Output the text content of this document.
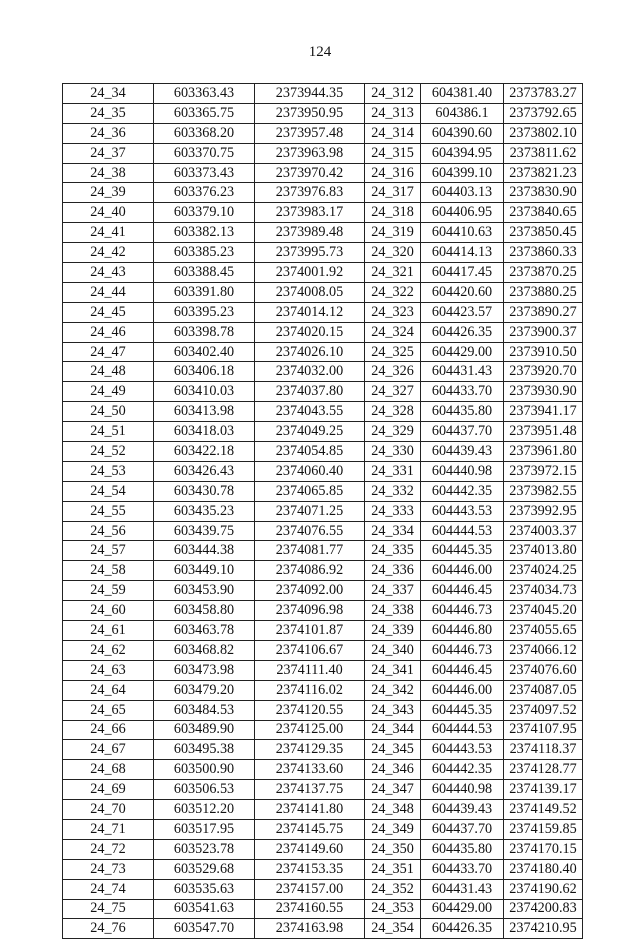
124
24_34	603363.43	2373944.35	24_312	604381.40	2373783.27
24_35	603365.75	2373950.95	24_313	604386.1	2373792.65
24_36	603368.20	2373957.48	24_314	604390.60	2373802.10
24_37	603370.75	2373963.98	24_315	604394.95	2373811.62
24_38	603373.43	2373970.42	24_316	604399.10	2373821.23
24_39	603376.23	2373976.83	24_317	604403.13	2373830.90
24_40	603379.10	2373983.17	24_318	604406.95	2373840.65
24_41	603382.13	2373989.48	24_319	604410.63	2373850.45
24_42	603385.23	2373995.73	24_320	604414.13	2373860.33
24_43	603388.45	2374001.92	24_321	604417.45	2373870.25
24_44	603391.80	2374008.05	24_322	604420.60	2373880.25
24_45	603395.23	2374014.12	24_323	604423.57	2373890.27
24_46	603398.78	2374020.15	24_324	604426.35	2373900.37
24_47	603402.40	2374026.10	24_325	604429.00	2373910.50
24_48	603406.18	2374032.00	24_326	604431.43	2373920.70
24_49	603410.03	2374037.80	24_327	604433.70	2373930.90
24_50	603413.98	2374043.55	24_328	604435.80	2373941.17
24_51	603418.03	2374049.25	24_329	604437.70	2373951.48
24_52	603422.18	2374054.85	24_330	604439.43	2373961.80
24_53	603426.43	2374060.40	24_331	604440.98	2373972.15
24_54	603430.78	2374065.85	24_332	604442.35	2373982.55
24_55	603435.23	2374071.25	24_333	604443.53	2373992.95
24_56	603439.75	2374076.55	24_334	604444.53	2374003.37
24_57	603444.38	2374081.77	24_335	604445.35	2374013.80
24_58	603449.10	2374086.92	24_336	604446.00	2374024.25
24_59	603453.90	2374092.00	24_337	604446.45	2374034.73
24_60	603458.80	2374096.98	24_338	604446.73	2374045.20
24_61	603463.78	2374101.87	24_339	604446.80	2374055.65
24_62	603468.82	2374106.67	24_340	604446.73	2374066.12
24_63	603473.98	2374111.40	24_341	604446.45	2374076.60
24_64	603479.20	2374116.02	24_342	604446.00	2374087.05
24_65	603484.53	2374120.55	24_343	604445.35	2374097.52
24_66	603489.90	2374125.00	24_344	604444.53	2374107.95
24_67	603495.38	2374129.35	24_345	604443.53	2374118.37
24_68	603500.90	2374133.60	24_346	604442.35	2374128.77
24_69	603506.53	2374137.75	24_347	604440.98	2374139.17
24_70	603512.20	2374141.80	24_348	604439.43	2374149.52
24_71	603517.95	2374145.75	24_349	604437.70	2374159.85
24_72	603523.78	2374149.60	24_350	604435.80	2374170.15
24_73	603529.68	2374153.35	24_351	604433.70	2374180.40
24_74	603535.63	2374157.00	24_352	604431.43	2374190.62
24_75	603541.63	2374160.55	24_353	604429.00	2374200.83
24_76	603547.70	2374163.98	24_354	604426.35	2374210.95
